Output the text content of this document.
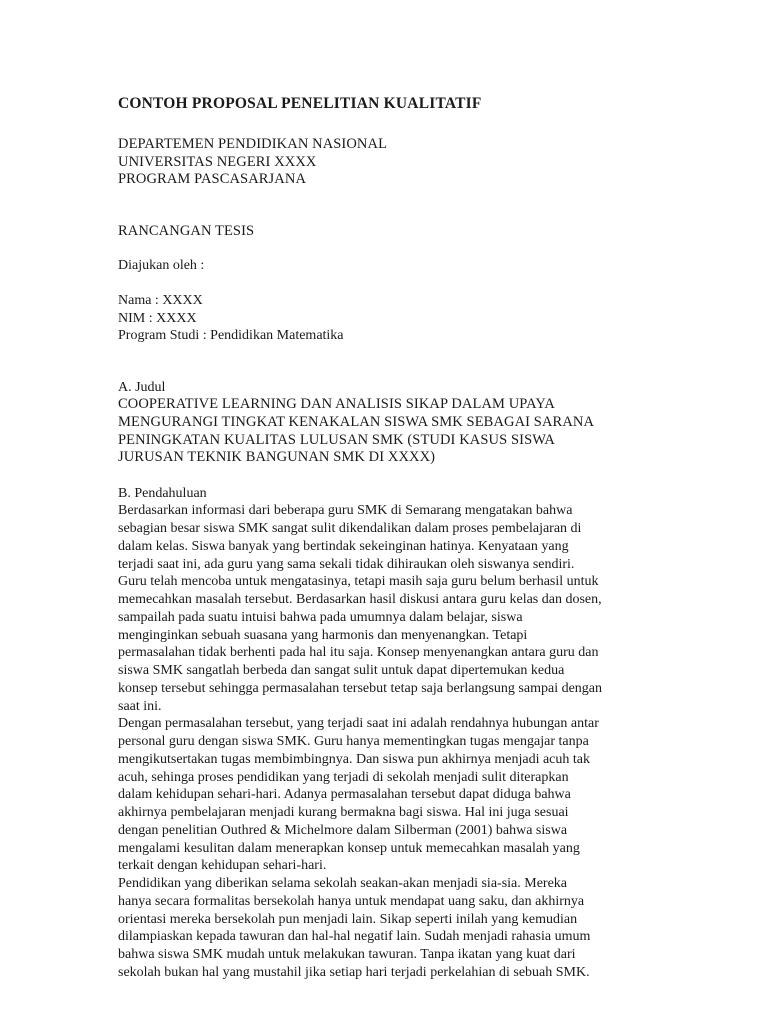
CONTOH PROPOSAL PENELITIAN KUALITATIF
DEPARTEMEN PENDIDIKAN NASIONAL
UNIVERSITAS NEGERI XXXX
PROGRAM PASCASARJANA
RANCANGAN TESIS
Diajukan oleh :
Nama : XXXX
NIM : XXXX
Program Studi : Pendidikan Matematika
A. Judul
COOPERATIVE LEARNING DAN ANALISIS SIKAP DALAM UPAYA
MENGURANGI TINGKAT KENAKALAN SISWA SMK SEBAGAI SARANA
PENINGKATAN KUALITAS LULUSAN SMK (STUDI KASUS SISWA
JURUSAN TEKNIK BANGUNAN SMK DI XXXX)
B. Pendahuluan
Berdasarkan informasi dari beberapa guru SMK di Semarang mengatakan bahwa
sebagian besar siswa SMK sangat sulit dikendalikan dalam proses pembelajaran di
dalam kelas. Siswa banyak yang bertindak sekeinginan hatinya. Kenyataan yang
terjadi saat ini, ada guru yang sama sekali tidak dihiraukan oleh siswanya sendiri.
Guru telah mencoba untuk mengatasinya, tetapi masih saja guru belum berhasil untuk
memecahkan masalah tersebut. Berdasarkan hasil diskusi antara guru kelas dan dosen,
sampailah pada suatu intuisi bahwa pada umumnya dalam belajar, siswa
menginginkan sebuah suasana yang harmonis dan menyenangkan. Tetapi
permasalahan tidak berhenti pada hal itu saja. Konsep menyenangkan antara guru dan
siswa SMK sangatlah berbeda dan sangat sulit untuk dapat dipertemukan kedua
konsep tersebut sehingga permasalahan tersebut tetap saja berlangsung sampai dengan
saat ini.
Dengan permasalahan tersebut, yang terjadi saat ini adalah rendahnya hubungan antar
personal guru dengan siswa SMK. Guru hanya mementingkan tugas mengajar tanpa
mengikutsertakan tugas membimbingnya. Dan siswa pun akhirnya menjadi acuh tak
acuh, sehinga proses pendidikan yang terjadi di sekolah menjadi sulit diterapkan
dalam kehidupan sehari-hari. Adanya permasalahan tersebut dapat diduga bahwa
akhirnya pembelajaran menjadi kurang bermakna bagi siswa. Hal ini juga sesuai
dengan penelitian Outhred & Michelmore dalam Silberman (2001) bahwa siswa
mengalami kesulitan dalam menerapkan konsep untuk memecahkan masalah yang
terkait dengan kehidupan sehari-hari.
Pendidikan yang diberikan selama sekolah seakan-akan menjadi sia-sia. Mereka
hanya secara formalitas bersekolah hanya untuk mendapat uang saku, dan akhirnya
orientasi mereka bersekolah pun menjadi lain. Sikap seperti inilah yang kemudian
dilampiaskan kepada tawuran dan hal-hal negatif lain. Sudah menjadi rahasia umum
bahwa siswa SMK mudah untuk melakukan tawuran. Tanpa ikatan yang kuat dari
sekolah bukan hal yang mustahil jika setiap hari terjadi perkelahian di sebuah SMK.
